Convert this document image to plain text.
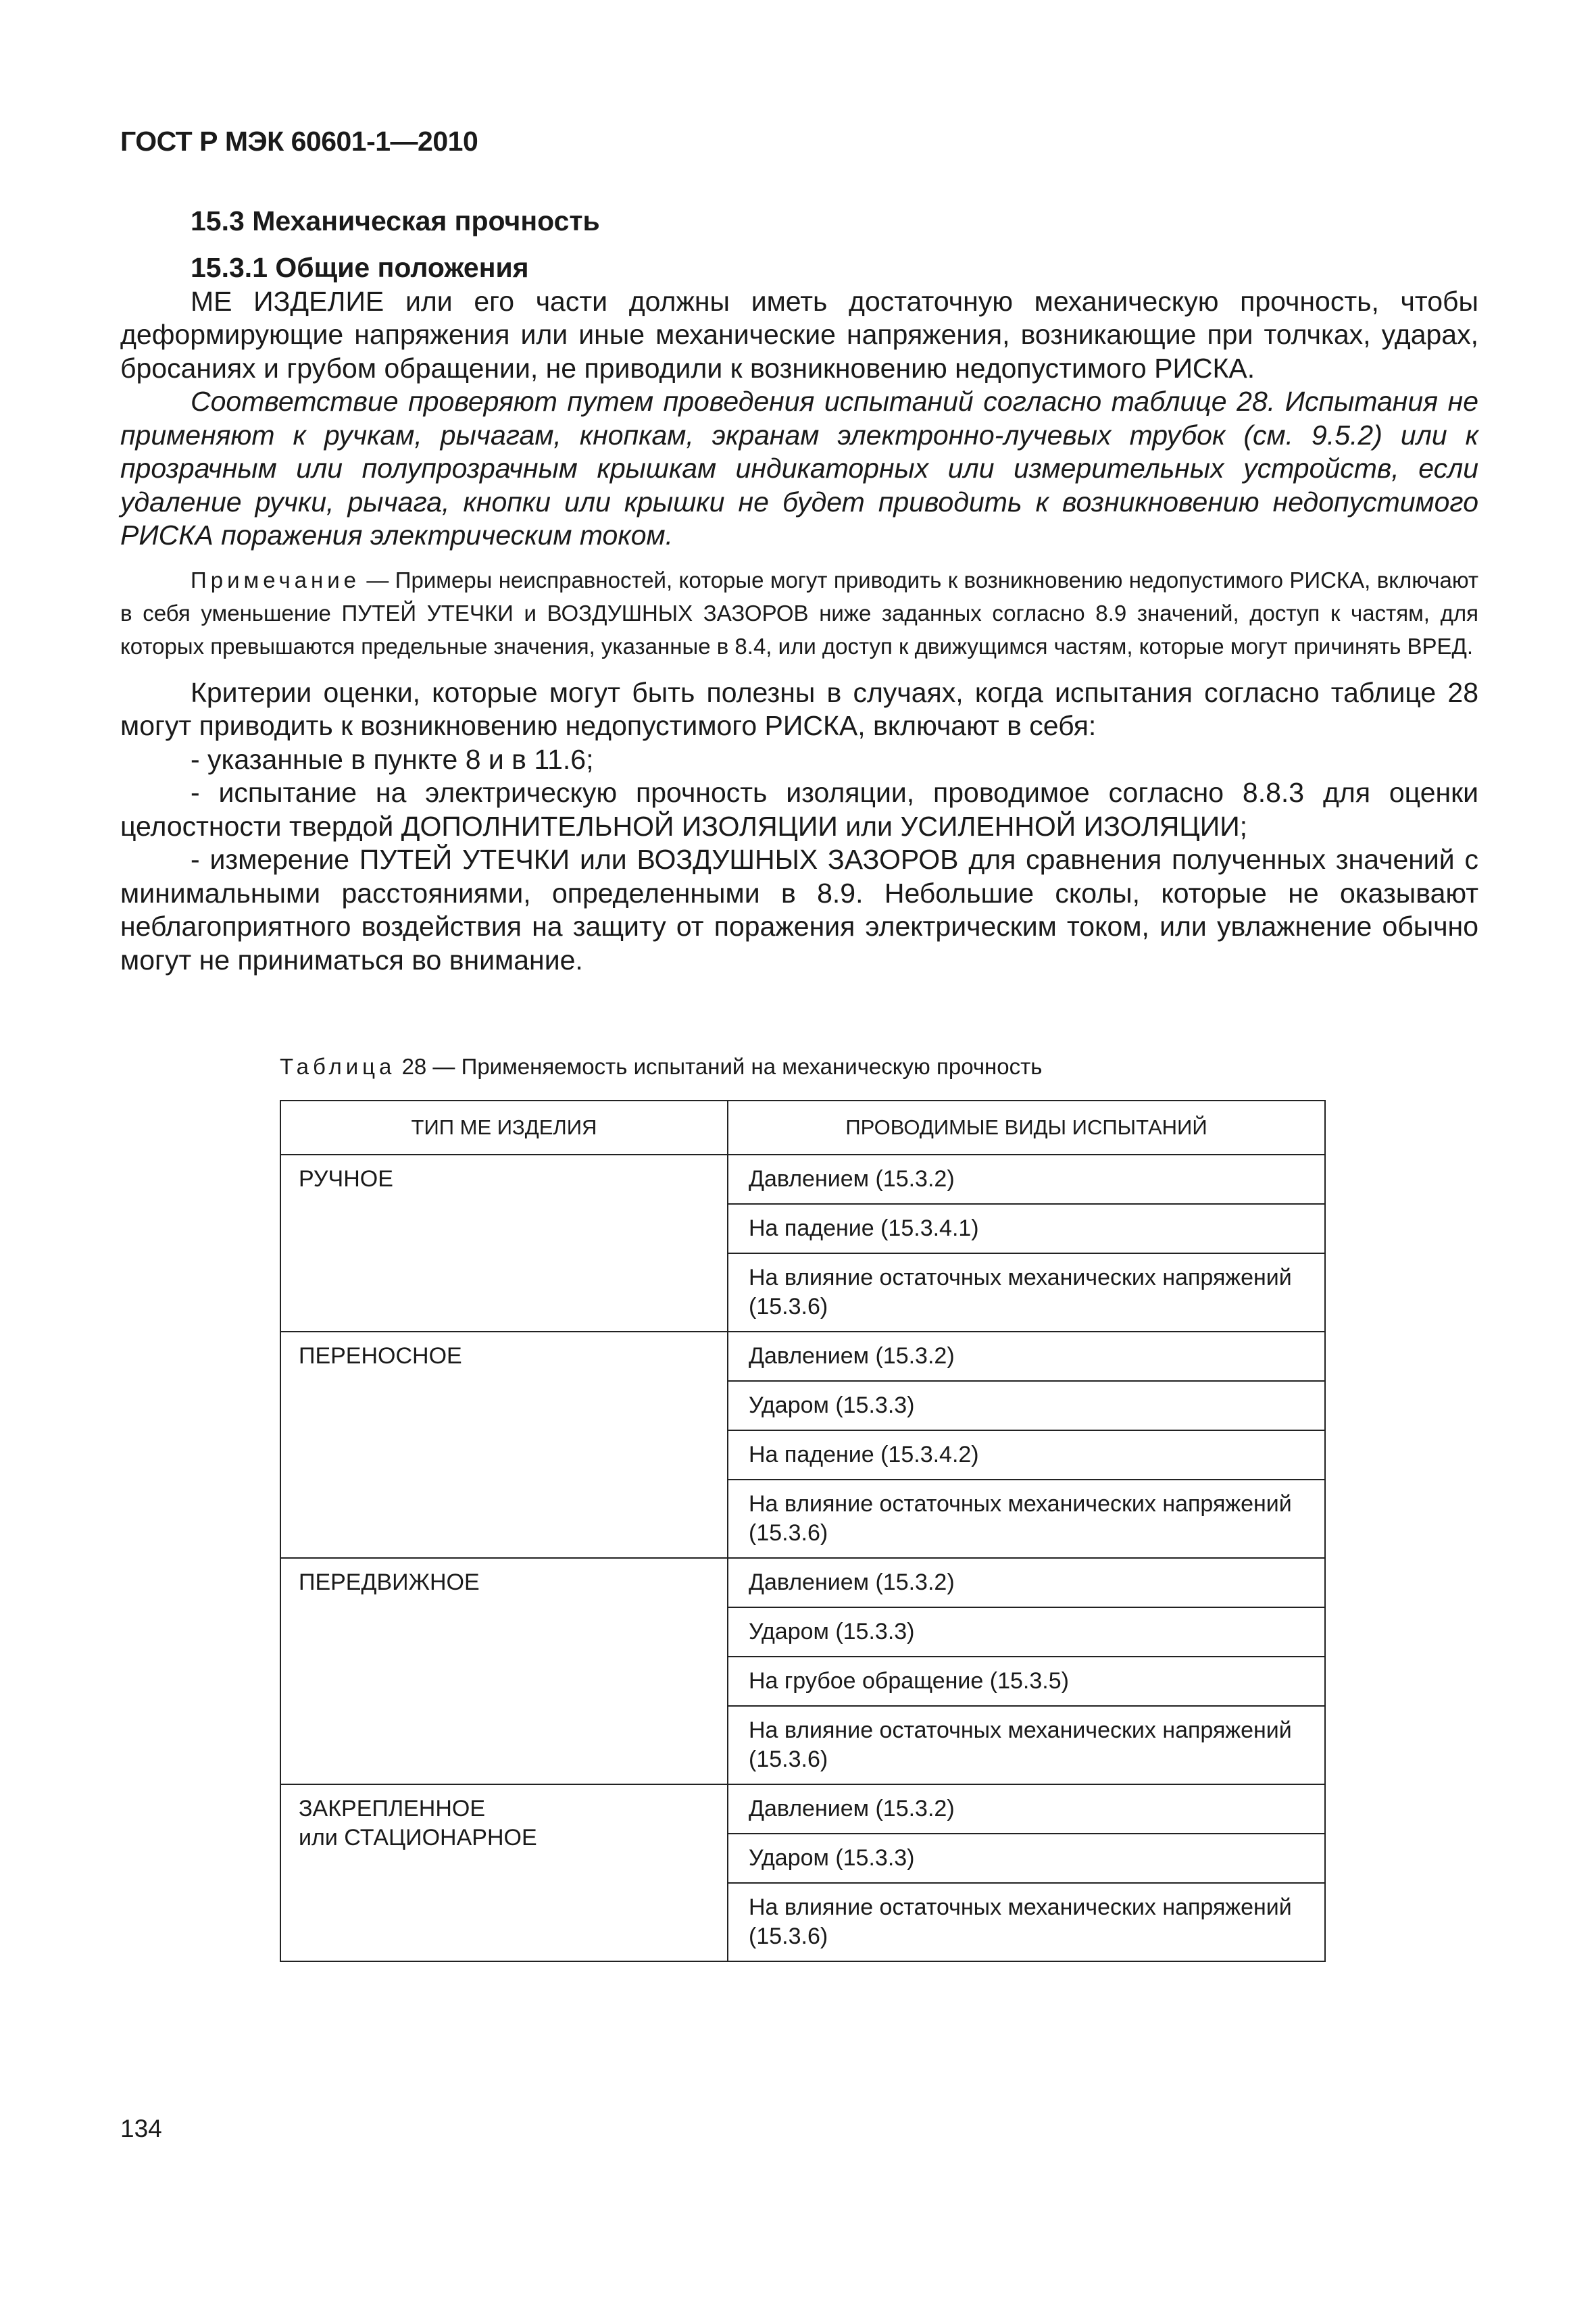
ГОСТ Р МЭК 60601-1—2010
15.3 Механическая прочность

15.3.1 Общие положения

МЕ ИЗДЕЛИЕ или его части должны иметь достаточную механическую прочность, чтобы деформирующие напряжения или иные механические напряжения, возникающие при толчках, ударах, бросаниях и грубом обращении, не приводили к возникновению недопустимого РИСКА.

Соответствие проверяют путем проведения испытаний согласно таблице 28. Испытания не применяют к ручкам, рычагам, кнопкам, экранам электронно-лучевых трубок (см. 9.5.2) или к прозрачным или полупрозрачным крышкам индикаторных или измерительных устройств, если удаление ручки, рычага, кнопки или крышки не будет приводить к возникновению недопустимого РИСКА поражения электрическим током.

Примечание — Примеры неисправностей, которые могут приводить к возникновению недопустимого РИСКА, включают в себя уменьшение ПУТЕЙ УТЕЧКИ и ВОЗДУШНЫХ ЗАЗОРОВ ниже заданных согласно 8.9 значений, доступ к частям, для которых превышаются предельные значения, указанные в 8.4, или доступ к движущимся частям, которые могут причинять ВРЕД.

Критерии оценки, которые могут быть полезны в случаях, когда испытания согласно таблице 28 могут приводить к возникновению недопустимого РИСКА, включают в себя:

- указанные в пункте 8 и в 11.6;

- испытание на электрическую прочность изоляции, проводимое согласно 8.8.3 для оценки целостности твердой ДОПОЛНИТЕЛЬНОЙ ИЗОЛЯЦИИ или УСИЛЕННОЙ ИЗОЛЯЦИИ;

- измерение ПУТЕЙ УТЕЧКИ или ВОЗДУШНЫХ ЗАЗОРОВ для сравнения полученных значений с минимальными расстояниями, определенными в 8.9. Небольшие сколы, которые не оказывают неблагоприятного воздействия на защиту от поражения электрическим током, или увлажнение обычно могут не приниматься во внимание.

Таблица 28 — Применяемость испытаний на механическую прочность
ТИП МЕ ИЗДЕЛИЯ	ПРОВОДИМЫЕ ВИДЫ ИСПЫТАНИЙ
РУЧНОЕ	Давлением (15.3.2)
	На падение (15.3.4.1)
	На влияние остаточных механических напряжений (15.3.6)
ПЕРЕНОСНОЕ	Давлением (15.3.2)
	Ударом (15.3.3)
	На падение (15.3.4.2)
	На влияние остаточных механических напряжений (15.3.6)
ПЕРЕДВИЖНОЕ	Давлением (15.3.2)
	Ударом (15.3.3)
	На грубое обращение (15.3.5)
	На влияние остаточных механических напряжений (15.3.6)
ЗАКРЕПЛЕННОЕ
или СТАЦИОНАРНОЕ	Давлением (15.3.2)
	Ударом (15.3.3)
	На влияние остаточных механических напряжений (15.3.6)
134
